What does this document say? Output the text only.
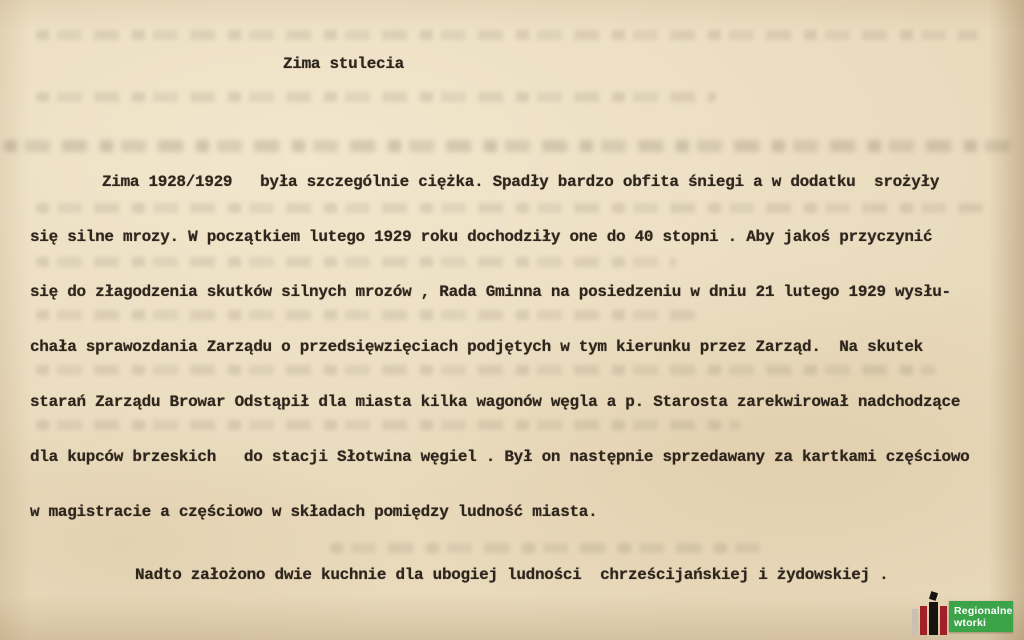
Zima stulecia
Zima 1928/1929   była szczególnie ciężka. Spadły bardzo obfita śniegi a w dodatku  srożyły
się silne mrozy. W początkiem lutego 1929 roku dochodziły one do 40 stopni . Aby jakoś przyczynić
się do złagodzenia skutków silnych mrozów , Rada Gminna na posiedzeniu w dniu 21 lutego 1929 wysłu-
chała sprawozdania Zarządu o przedsięwzięciach podjętych w tym kierunku przez Zarząd.  Na skutek
starań Zarządu Browar Odstąpił dla miasta kilka wagonów węgla a p. Starosta zarekwirował nadchodzące
dla kupców brzeskich   do stacji Słotwina węgiel . Był on następnie sprzedawany za kartkami częściowo
w magistracie a częściowo w składach pomiędzy ludność miasta.
Nadto założono dwie kuchnie dla ubogiej ludności  chrześcijańskiej i żydowskiej .
Regionalne
wtorki
